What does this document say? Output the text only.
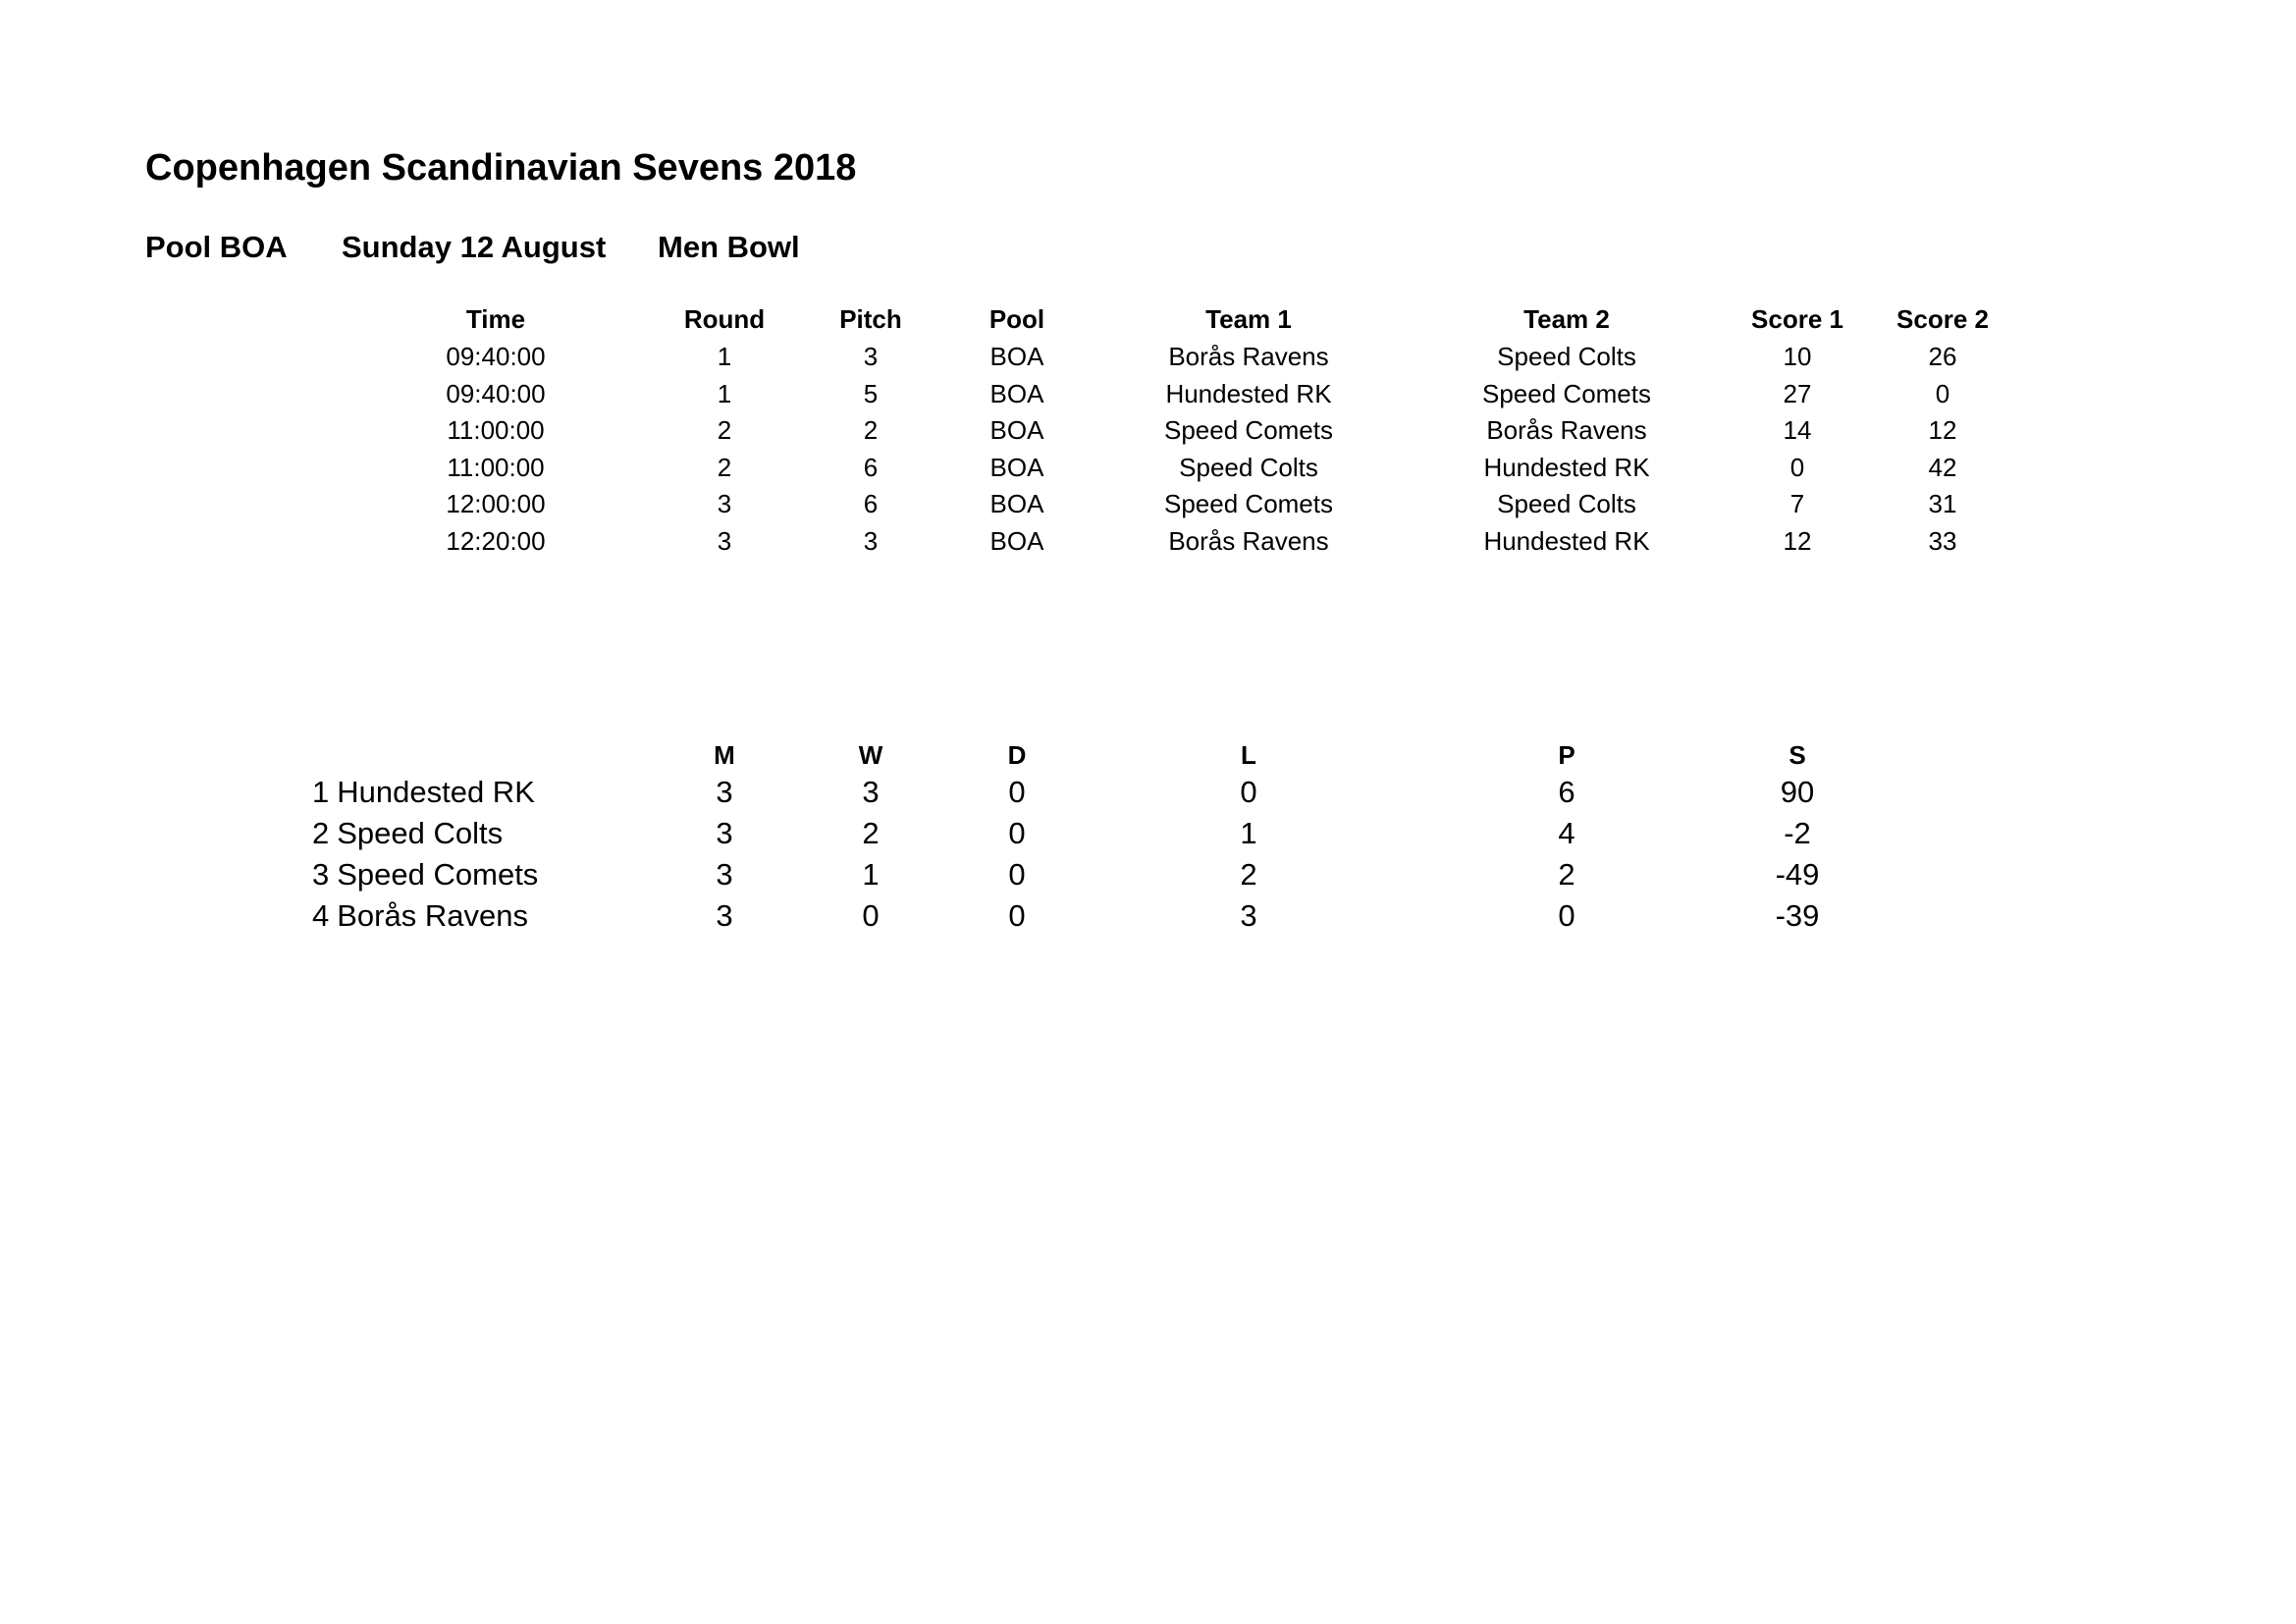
Copenhagen Scandinavian Sevens 2018
Pool BOA Sunday 12 August Men Bowl
Time	Round	Pitch	Pool	Team 1	Team 2	Score 1 Score 2
09:40:00	1	3	BOA	Borås Ravens	Speed Colts	10	26
09:40:00	1	5	BOA	Hundested RK	Speed Comets	27	0
11:00:00	2	2	BOA	Speed Comets	Borås Ravens	14	12
11:00:00	2	6	BOA	Speed Colts	Hundested RK	0	42
12:00:00	3	6	BOA	Speed Comets	Speed Colts	7	31
12:20:00	3	3	BOA	Borås Ravens	Hundested RK	12	33
M	W	D	L	P	S
1 Hundested RK	3	3	0	0	6	90
2 Speed Colts	3	2	0	1	4	-2
3 Speed Comets	3	1	0	2	2	-49
4 Borås Ravens	3	0	0	3	0	-39
